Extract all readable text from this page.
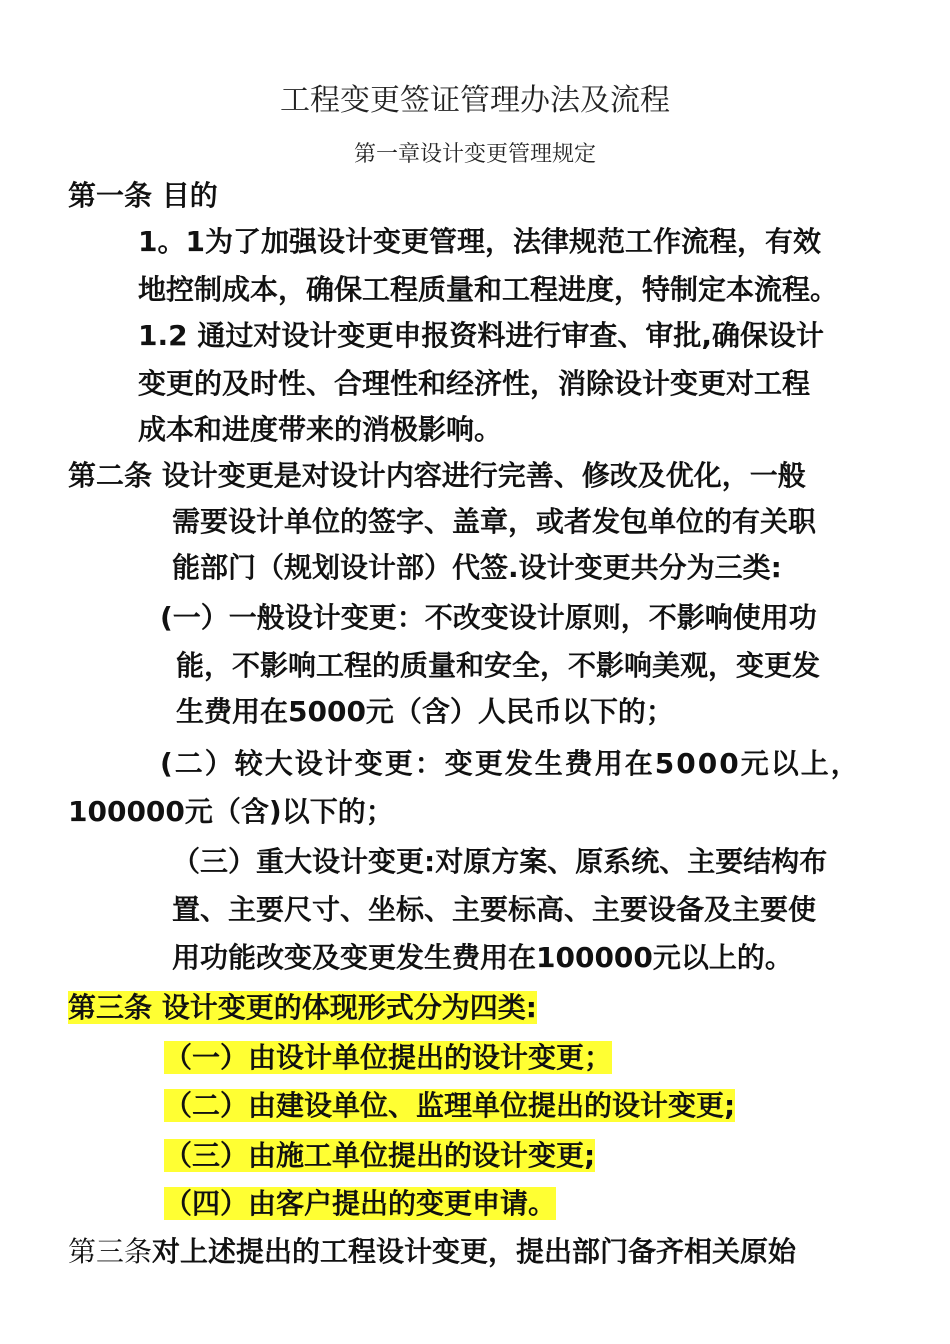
工程变更签证管理办法及流程
第一章设计变更管理规定
第一条 目的
1。1为了加强设计变更管理，法律规范工作流程，有效
地控制成本，确保工程质量和工程进度，特制定本流程。
1.2 通过对设计变更申报资料进行审查、审批,确保设计
变更的及时性、合理性和经济性，消除设计变更对工程
成本和进度带来的消极影响。
第二条 设计变更是对设计内容进行完善、修改及优化，一般
需要设计单位的签字、盖章，或者发包单位的有关职
能部门（规划设计部）代签.设计变更共分为三类:
(一）一般设计变更：不改变设计原则，不影响使用功
能，不影响工程的质量和安全，不影响美观，变更发
生费用在5000元（含）人民币以下的；
(二）较大设计变更：变更发生费用在5000元以上，
100000元（含)以下的；
（三）重大设计变更:对原方案、原系统、主要结构布
置、主要尺寸、坐标、主要标高、主要设备及主要使
用功能改变及变更发生费用在100000元以上的。
第三条 设计变更的体现形式分为四类:
（一）由设计单位提出的设计变更；
（二）由建设单位、监理单位提出的设计变更;
（三）由施工单位提出的设计变更;
（四）由客户提出的变更申请。
第三条对上述提出的工程设计变更，提出部门备齐相关原始
